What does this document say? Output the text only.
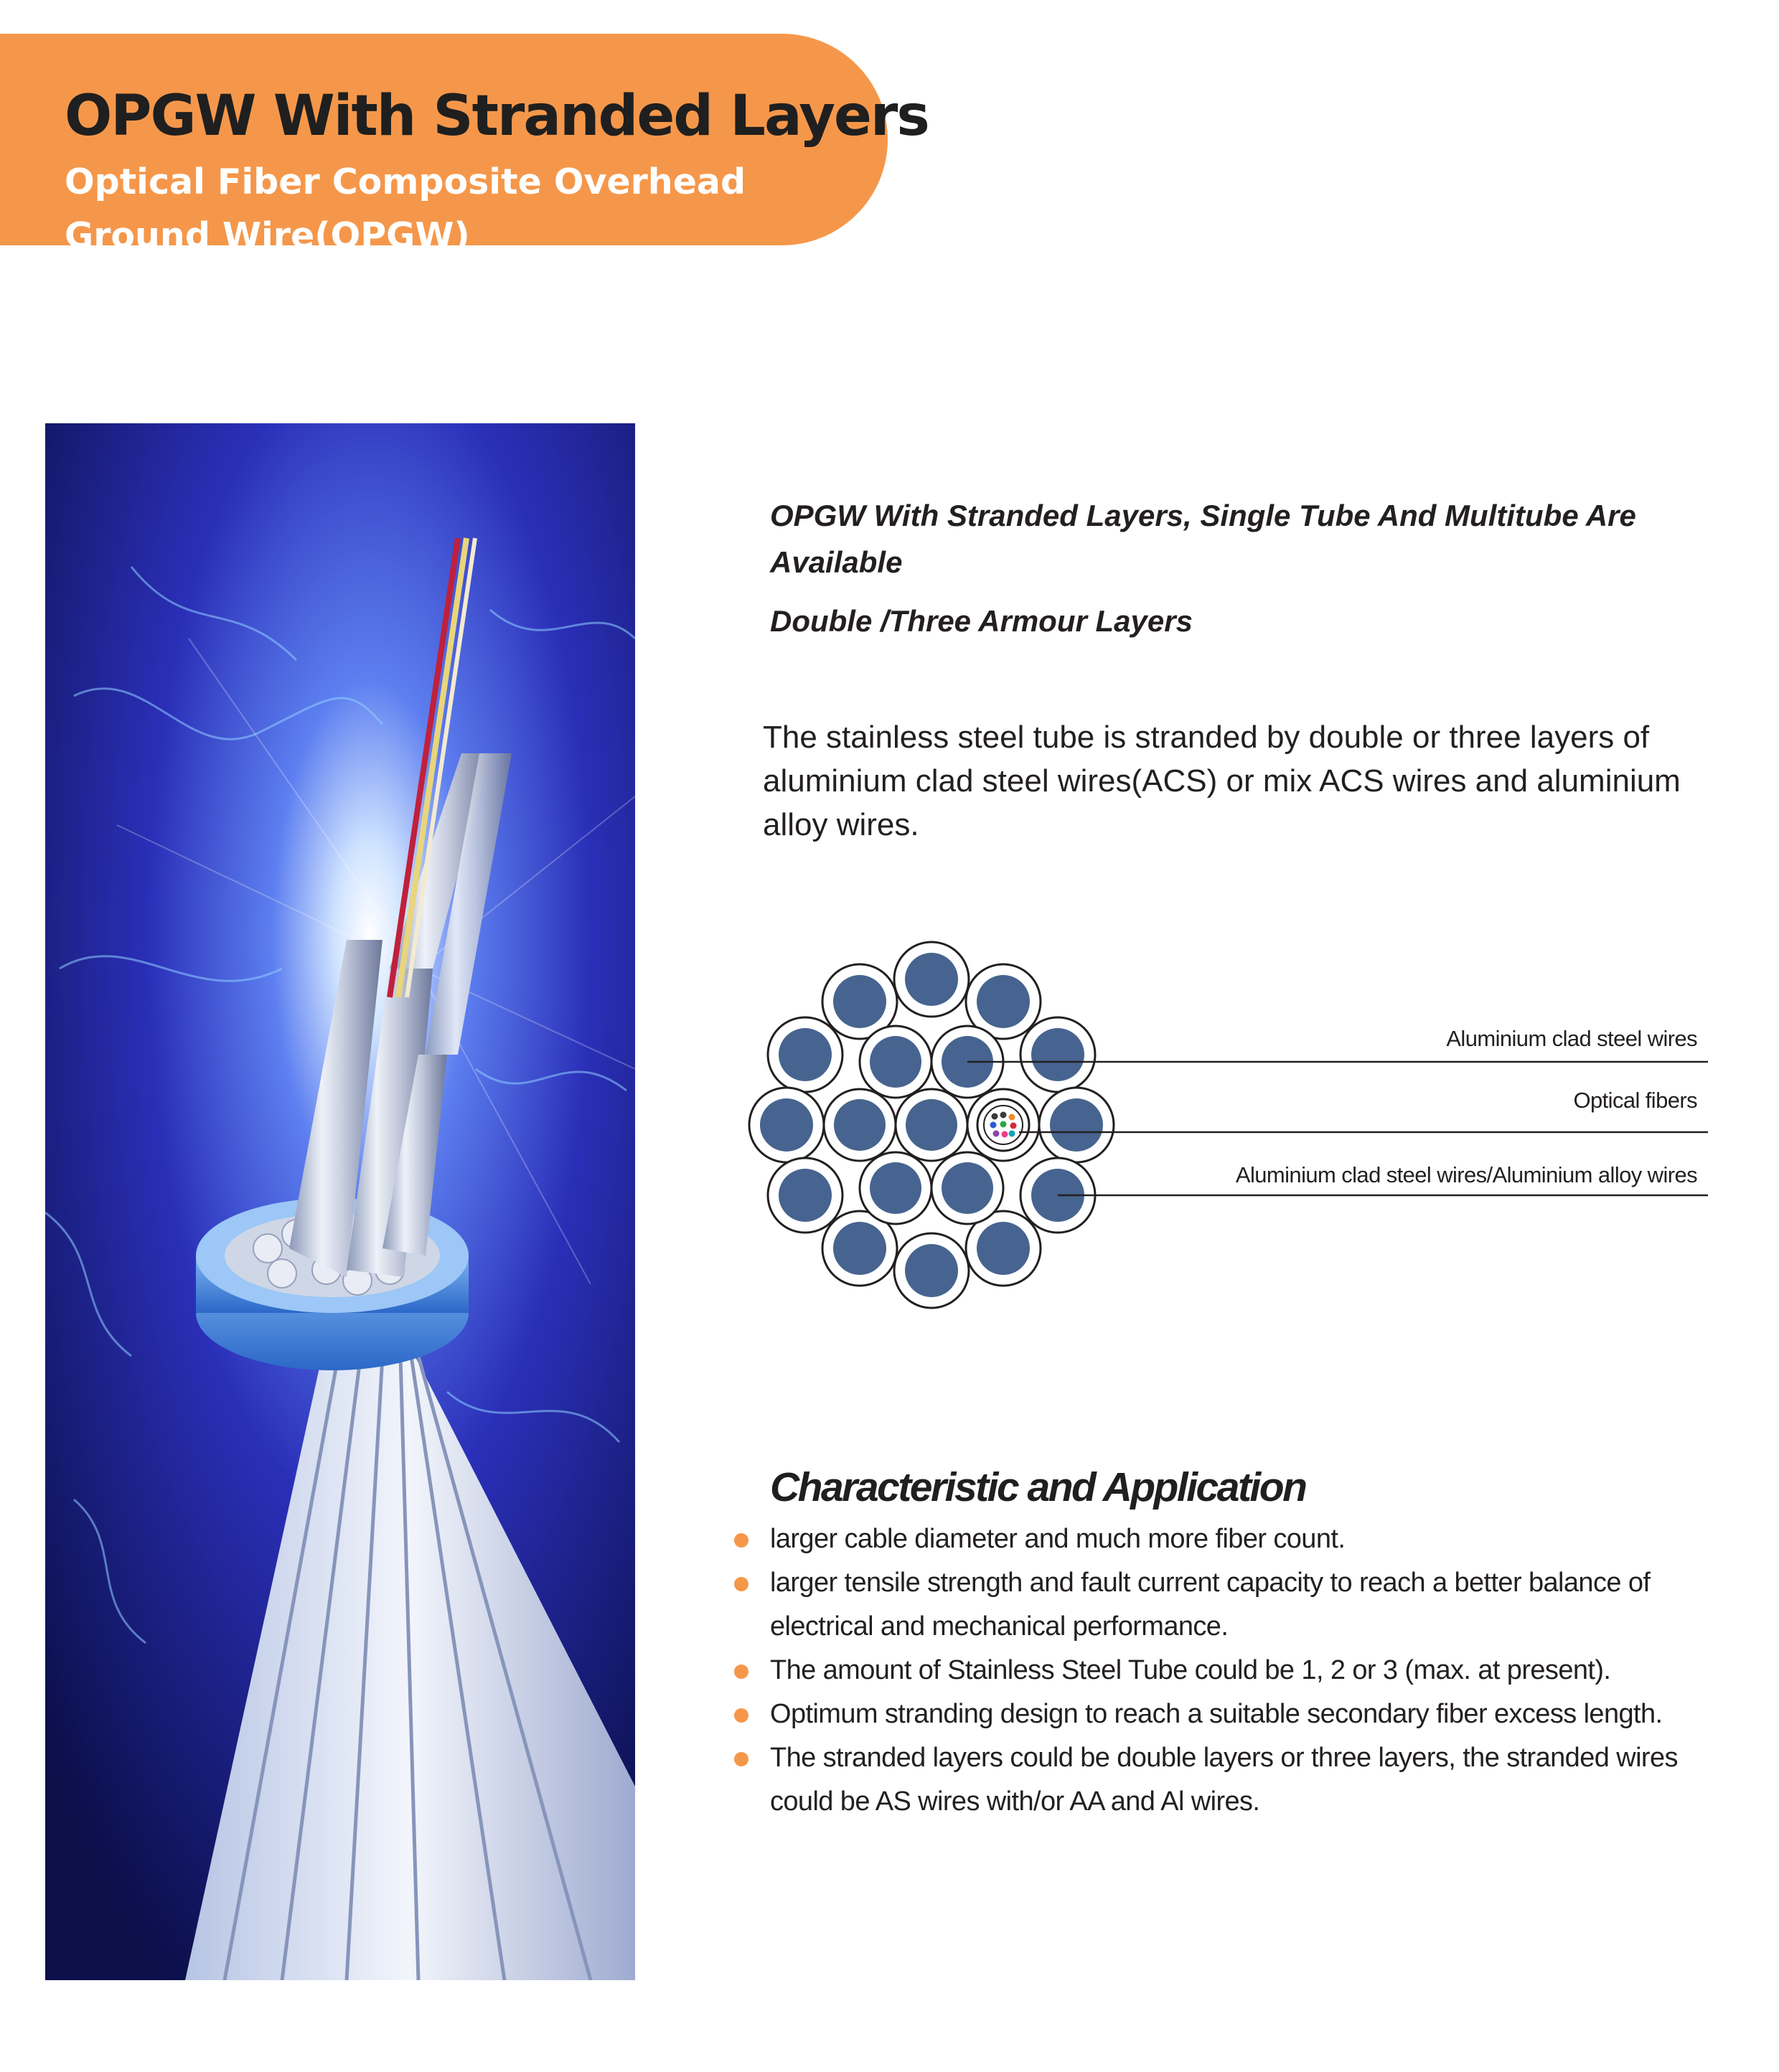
OPGW With Stranded Layers
Optical Fiber Composite Overhead
Ground Wire(OPGW)
OPGW With Stranded Layers, Single Tube And Multitube Are Available
Double /Three Armour Layers
The stainless steel tube is stranded by double or three layers of aluminium clad steel wires(ACS) or mix ACS wires and aluminium alloy wires.
Aluminium clad steel wires
Optical fibers
Aluminium clad steel wires/Aluminium alloy wires
Characteristic and Application
larger cable diameter and much more fiber count.
larger tensile strength and fault current capacity to reach a better balance of electrical and mechanical performance.
The amount of Stainless Steel Tube could be 1, 2 or 3 (max. at present).
Optimum stranding design to reach a suitable secondary fiber excess length.
The stranded layers could be double layers or three layers, the stranded wires could be AS wires with/or AA and Al wires.
